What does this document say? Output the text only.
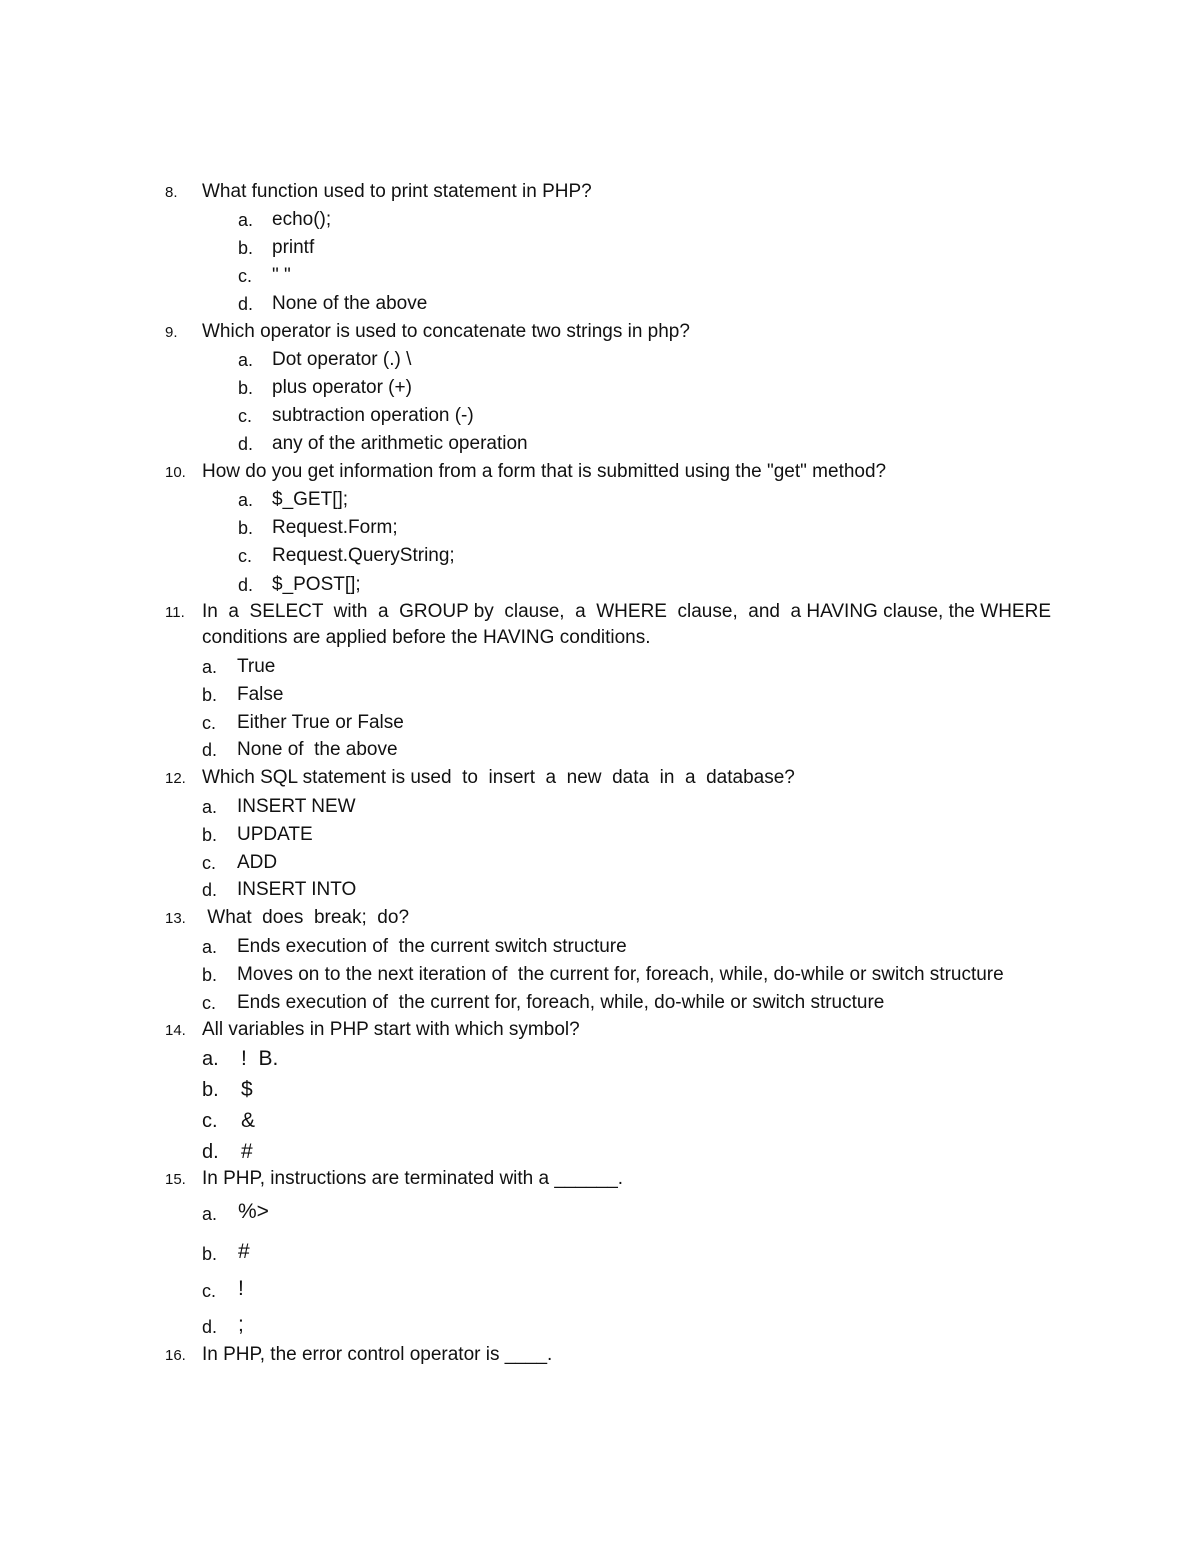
8. What function used to print statement in PHP?
a. echo();
b. printf
c. " "
d. None of the above
9. Which operator is used to concatenate two strings in php?
a. Dot operator (.) \
b. plus operator (+)
c. subtraction operation (-)
d. any of the arithmetic operation
10. How do you get information from a form that is submitted using the "get" method?
a. $_GET[];
b. Request.Form;
c. Request.QueryString;
d. $_POST[];
11. In  a  SELECT  with  a  GROUP by  clause,  a  WHERE  clause,  and  a HAVING clause, the WHERE
conditions are applied before the HAVING conditions.
a. True
b. False
c. Either True or False
d. None of  the above
12. Which SQL statement is used  to  insert  a  new  data  in  a  database?
a. INSERT NEW
b. UPDATE
c. ADD
d. INSERT INTO
13. What  does  break;  do?
a. Ends execution of  the current switch structure
b. Moves on to the next iteration of  the current for, foreach, while, do-while or switch structure
c. Ends execution of  the current for, foreach, while, do-while or switch structure
14. All variables in PHP start with which symbol?
a. !  B.
b. $
c. &
d. #
15. In PHP, instructions are terminated with a ______.
a. %>
b. #
c. !
d. ;
16. In PHP, the error control operator is ____.
